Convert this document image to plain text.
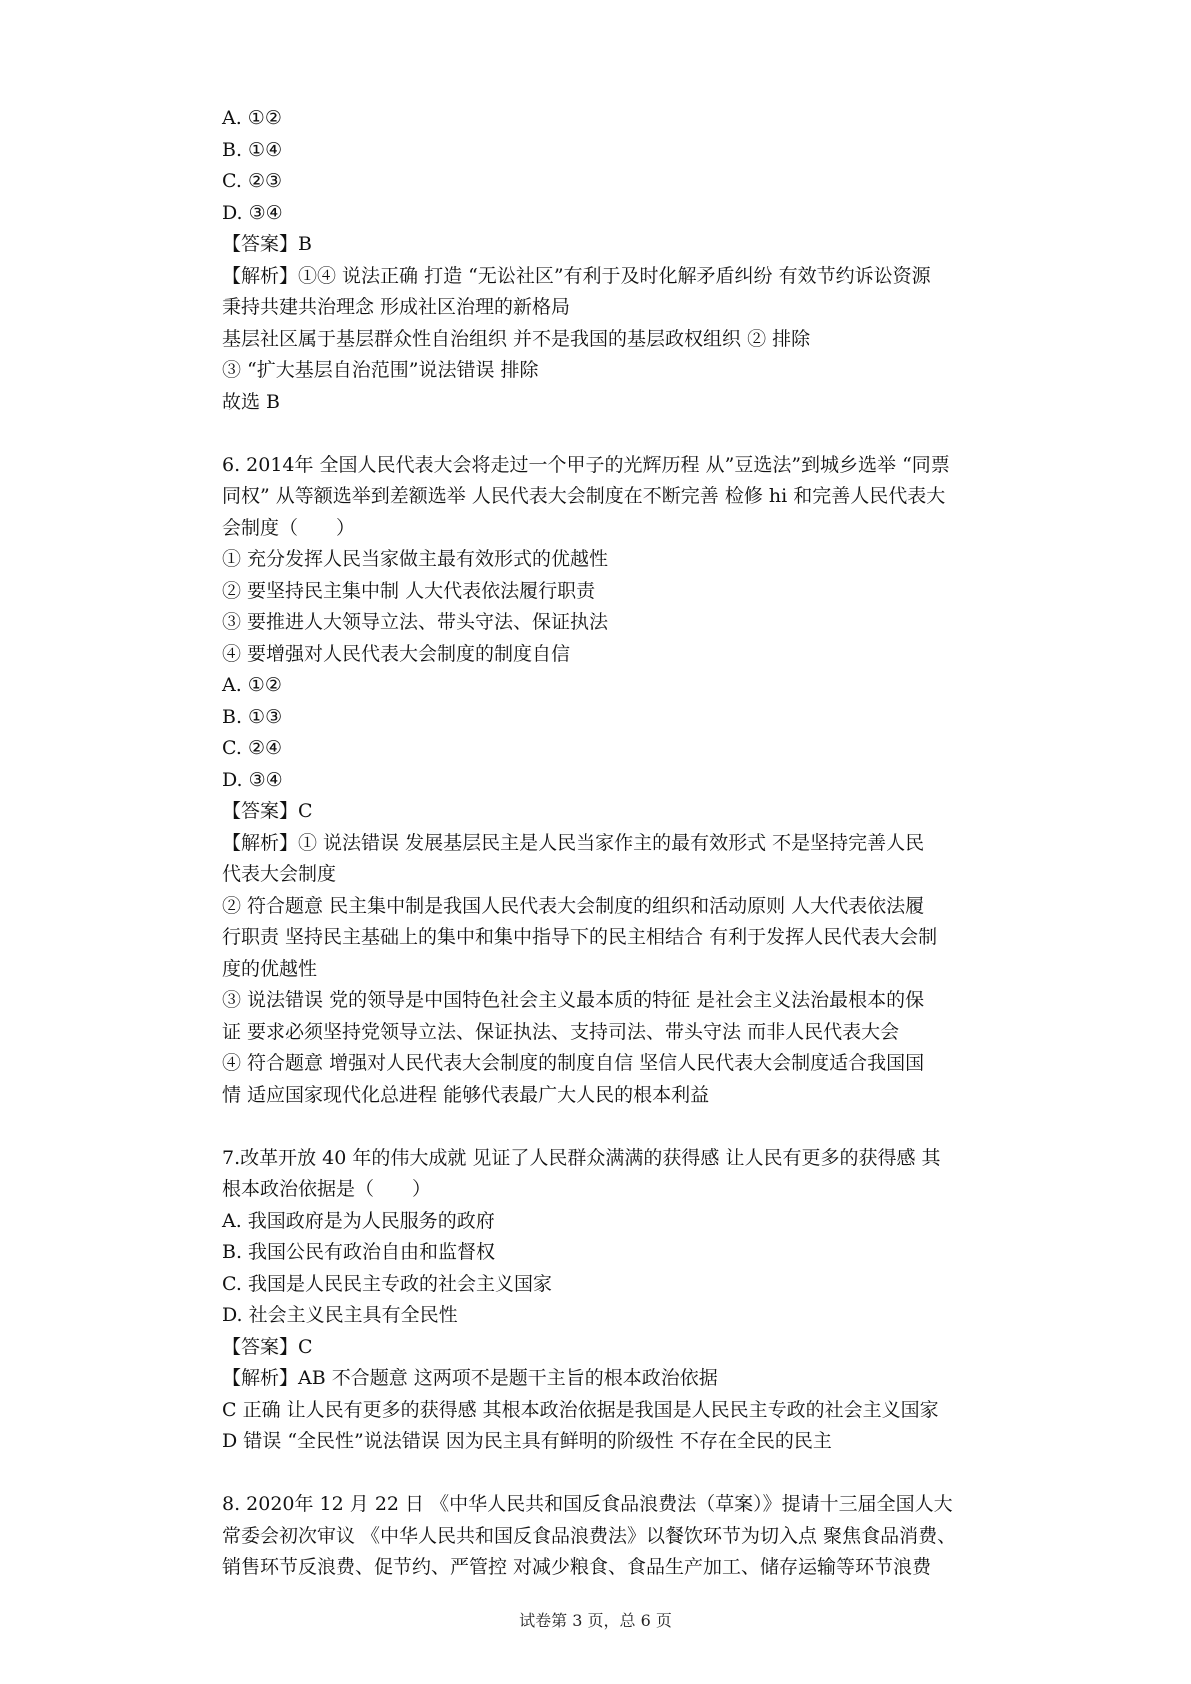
A. ①②
B. ①④
C. ②③
D. ③④
【答案】B
【解析】①④ 说法正确 打造 “无讼社区”有利于及时化解矛盾纠纷 有效节约诉讼资源
秉持共建共治理念 形成社区治理的新格局
基层社区属于基层群众性自治组织 并不是我国的基层政权组织 ② 排除
③ “扩大基层自治范围”说法错误 排除
故选 B
6. 2014年 全国人民代表大会将走过一个甲子的光辉历程 从”豆选法”到城乡选举 “同票
同权” 从等额选举到差额选举 人民代表大会制度在不断完善 检修 hi 和完善人民代表大
会制度（　　）
① 充分发挥人民当家做主最有效形式的优越性
② 要坚持民主集中制 人大代表依法履行职责
③ 要推进人大领导立法、带头守法、保证执法
④ 要增强对人民代表大会制度的制度自信
A. ①②
B. ①③
C. ②④
D. ③④
【答案】C
【解析】① 说法错误 发展基层民主是人民当家作主的最有效形式 不是坚持完善人民
代表大会制度
② 符合题意 民主集中制是我国人民代表大会制度的组织和活动原则 人大代表依法履
行职责 坚持民主基础上的集中和集中指导下的民主相结合 有利于发挥人民代表大会制
度的优越性
③ 说法错误 党的领导是中国特色社会主义最本质的特征 是社会主义法治最根本的保
证 要求必须坚持党领导立法、保证执法、支持司法、带头守法 而非人民代表大会
④ 符合题意 增强对人民代表大会制度的制度自信 坚信人民代表大会制度适合我国国
情 适应国家现代化总进程 能够代表最广大人民的根本利益
7.改革开放 40 年的伟大成就 见证了人民群众满满的获得感 让人民有更多的获得感 其
根本政治依据是（　　）
A. 我国政府是为人民服务的政府
B. 我国公民有政治自由和监督权
C. 我国是人民民主专政的社会主义国家
D. 社会主义民主具有全民性
【答案】C
【解析】AB 不合题意 这两项不是题干主旨的根本政治依据
C 正确 让人民有更多的获得感 其根本政治依据是我国是人民民主专政的社会主义国家
D 错误 “全民性”说法错误 因为民主具有鲜明的阶级性 不存在全民的民主
8. 2020年 12 月 22 日 《中华人民共和国反食品浪费法（草案）》提请十三届全国人大
常委会初次审议 《中华人民共和国反食品浪费法》以餐饮环节为切入点 聚焦食品消费、
销售环节反浪费、促节约、严管控 对减少粮食、食品生产加工、储存运输等环节浪费
试卷第 3 页，总 6 页
